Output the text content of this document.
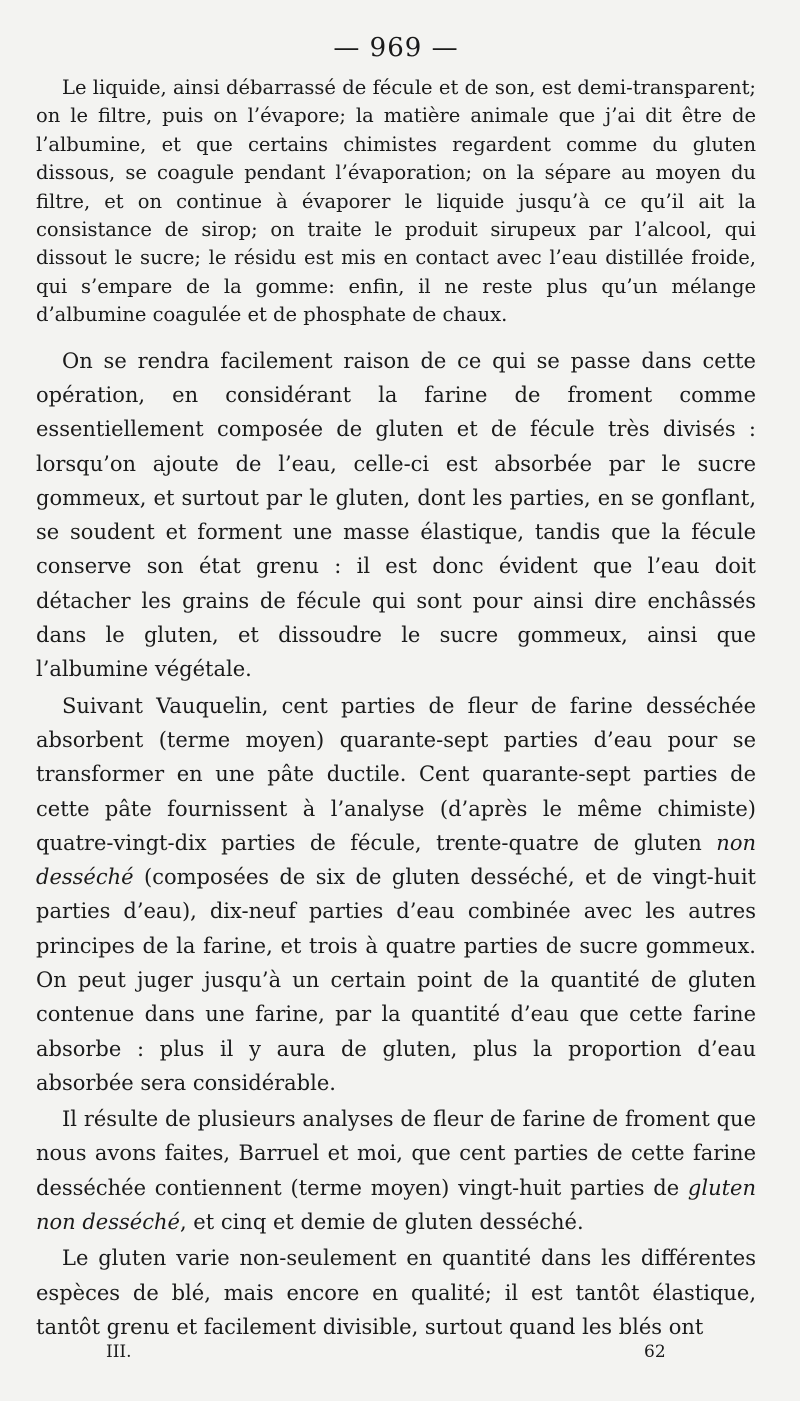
— 969 —

Le liquide, ainsi débarrassé de fécule et de son, est demi-transparent; on le filtre, puis on l’évapore; la matière animale que j’ai dit être de l’albumine, et que certains chimistes regardent comme du gluten dissous, se coagule pendant l’évaporation; on la sépare au moyen du filtre, et on continue à évaporer le liquide jusqu’à ce qu’il ait la consistance de sirop; on traite le produit sirupeux par l’alcool, qui dissout le sucre; le résidu est mis en contact avec l’eau distillée froide, qui s’empare de la gomme: enfin, il ne reste plus qu’un mélange d’albumine coagulée et de phosphate de chaux.

On se rendra facilement raison de ce qui se passe dans cette opération, en considérant la farine de froment comme essentiellement composée de gluten et de fécule très divisés : lorsqu’on ajoute de l’eau, celle-ci est absorbée par le sucre gommeux, et surtout par le gluten, dont les parties, en se gonflant, se soudent et forment une masse élastique, tandis que la fécule conserve son état grenu : il est donc évident que l’eau doit détacher les grains de fécule qui sont pour ainsi dire enchâssés dans le gluten, et dissoudre le sucre gommeux, ainsi que l’albumine végétale.

Suivant Vauquelin, cent parties de fleur de farine desséchée absorbent (terme moyen) quarante-sept parties d’eau pour se transformer en une pâte ductile. Cent quarante-sept parties de cette pâte fournissent à l’analyse (d’après le même chimiste) quatre-vingt-dix parties de fécule, trente-quatre de gluten non desséché (composées de six de gluten desséché, et de vingt-huit parties d’eau), dix-neuf parties d’eau combinée avec les autres principes de la farine, et trois à quatre parties de sucre gommeux. On peut juger jusqu’à un certain point de la quantité de gluten contenue dans une farine, par la quantité d’eau que cette farine absorbe : plus il y aura de gluten, plus la proportion d’eau absorbée sera considérable.

Il résulte de plusieurs analyses de fleur de farine de froment que nous avons faites, Barruel et moi, que cent parties de cette farine desséchée contiennent (terme moyen) vingt-huit parties de gluten non desséché, et cinq et demie de gluten desséché.

Le gluten varie non-seulement en quantité dans les différentes espèces de blé, mais encore en qualité; il est tantôt élastique, tantôt grenu et facilement divisible, surtout quand les blés ont

III.	62
